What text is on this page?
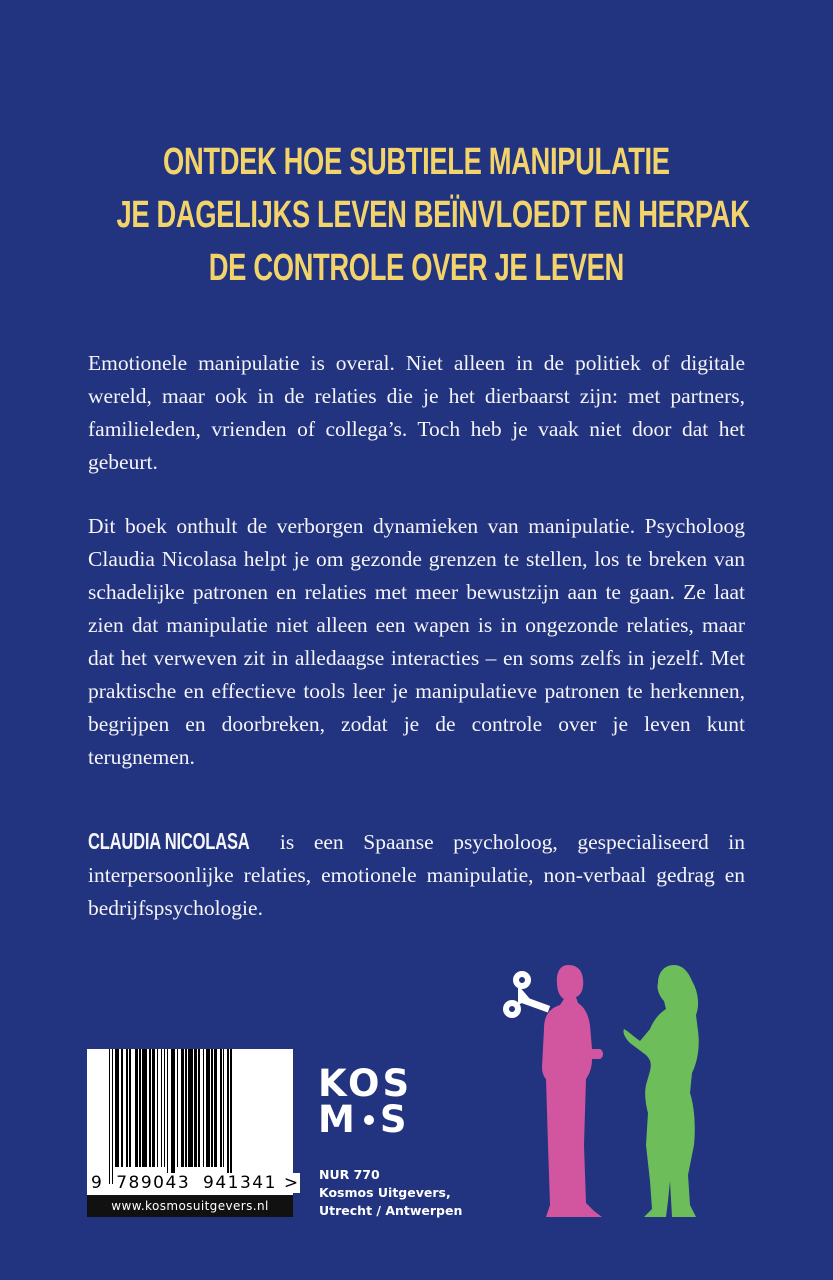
ONTDEK HOE SUBTIELE MANIPULATIE
JE DAGELIJKS LEVEN BEÏNVLOEDT EN HERPAK
DE CONTROLE OVER JE LEVEN

Emotionele manipulatie is overal. Niet alleen in de politiek of digitale wereld, maar ook in de relaties die je het dierbaarst zijn: met partners, familieleden, vrienden of collega’s. Toch heb je vaak niet door dat het gebeurt.

Dit boek onthult de verborgen dynamieken van manipulatie. Psycholoog Claudia Nicolasa helpt je om gezonde grenzen te stellen, los te breken van schadelijke patronen en relaties met meer bewustzijn aan te gaan. Ze laat zien dat manipulatie niet alleen een wapen is in ongezonde relaties, maar dat het verweven zit in alledaagse interacties – en soms zelfs in jezelf. Met praktische en effectieve tools leer je manipulatieve patronen te herkennen, begrijpen en doorbreken, zodat je de controle over je leven kunt terugnemen.

CLAUDIA NICOLASA is een Spaanse psycholoog, gespecialiseerd in interpersoonlijke relaties, emotionele manipulatie, non-verbaal gedrag en bedrijfspsychologie.

9 789043 941341 >
www.kosmosuitgevers.nl
KOS
M S
NUR 770
Kosmos Uitgevers,
Utrecht / Antwerpen
